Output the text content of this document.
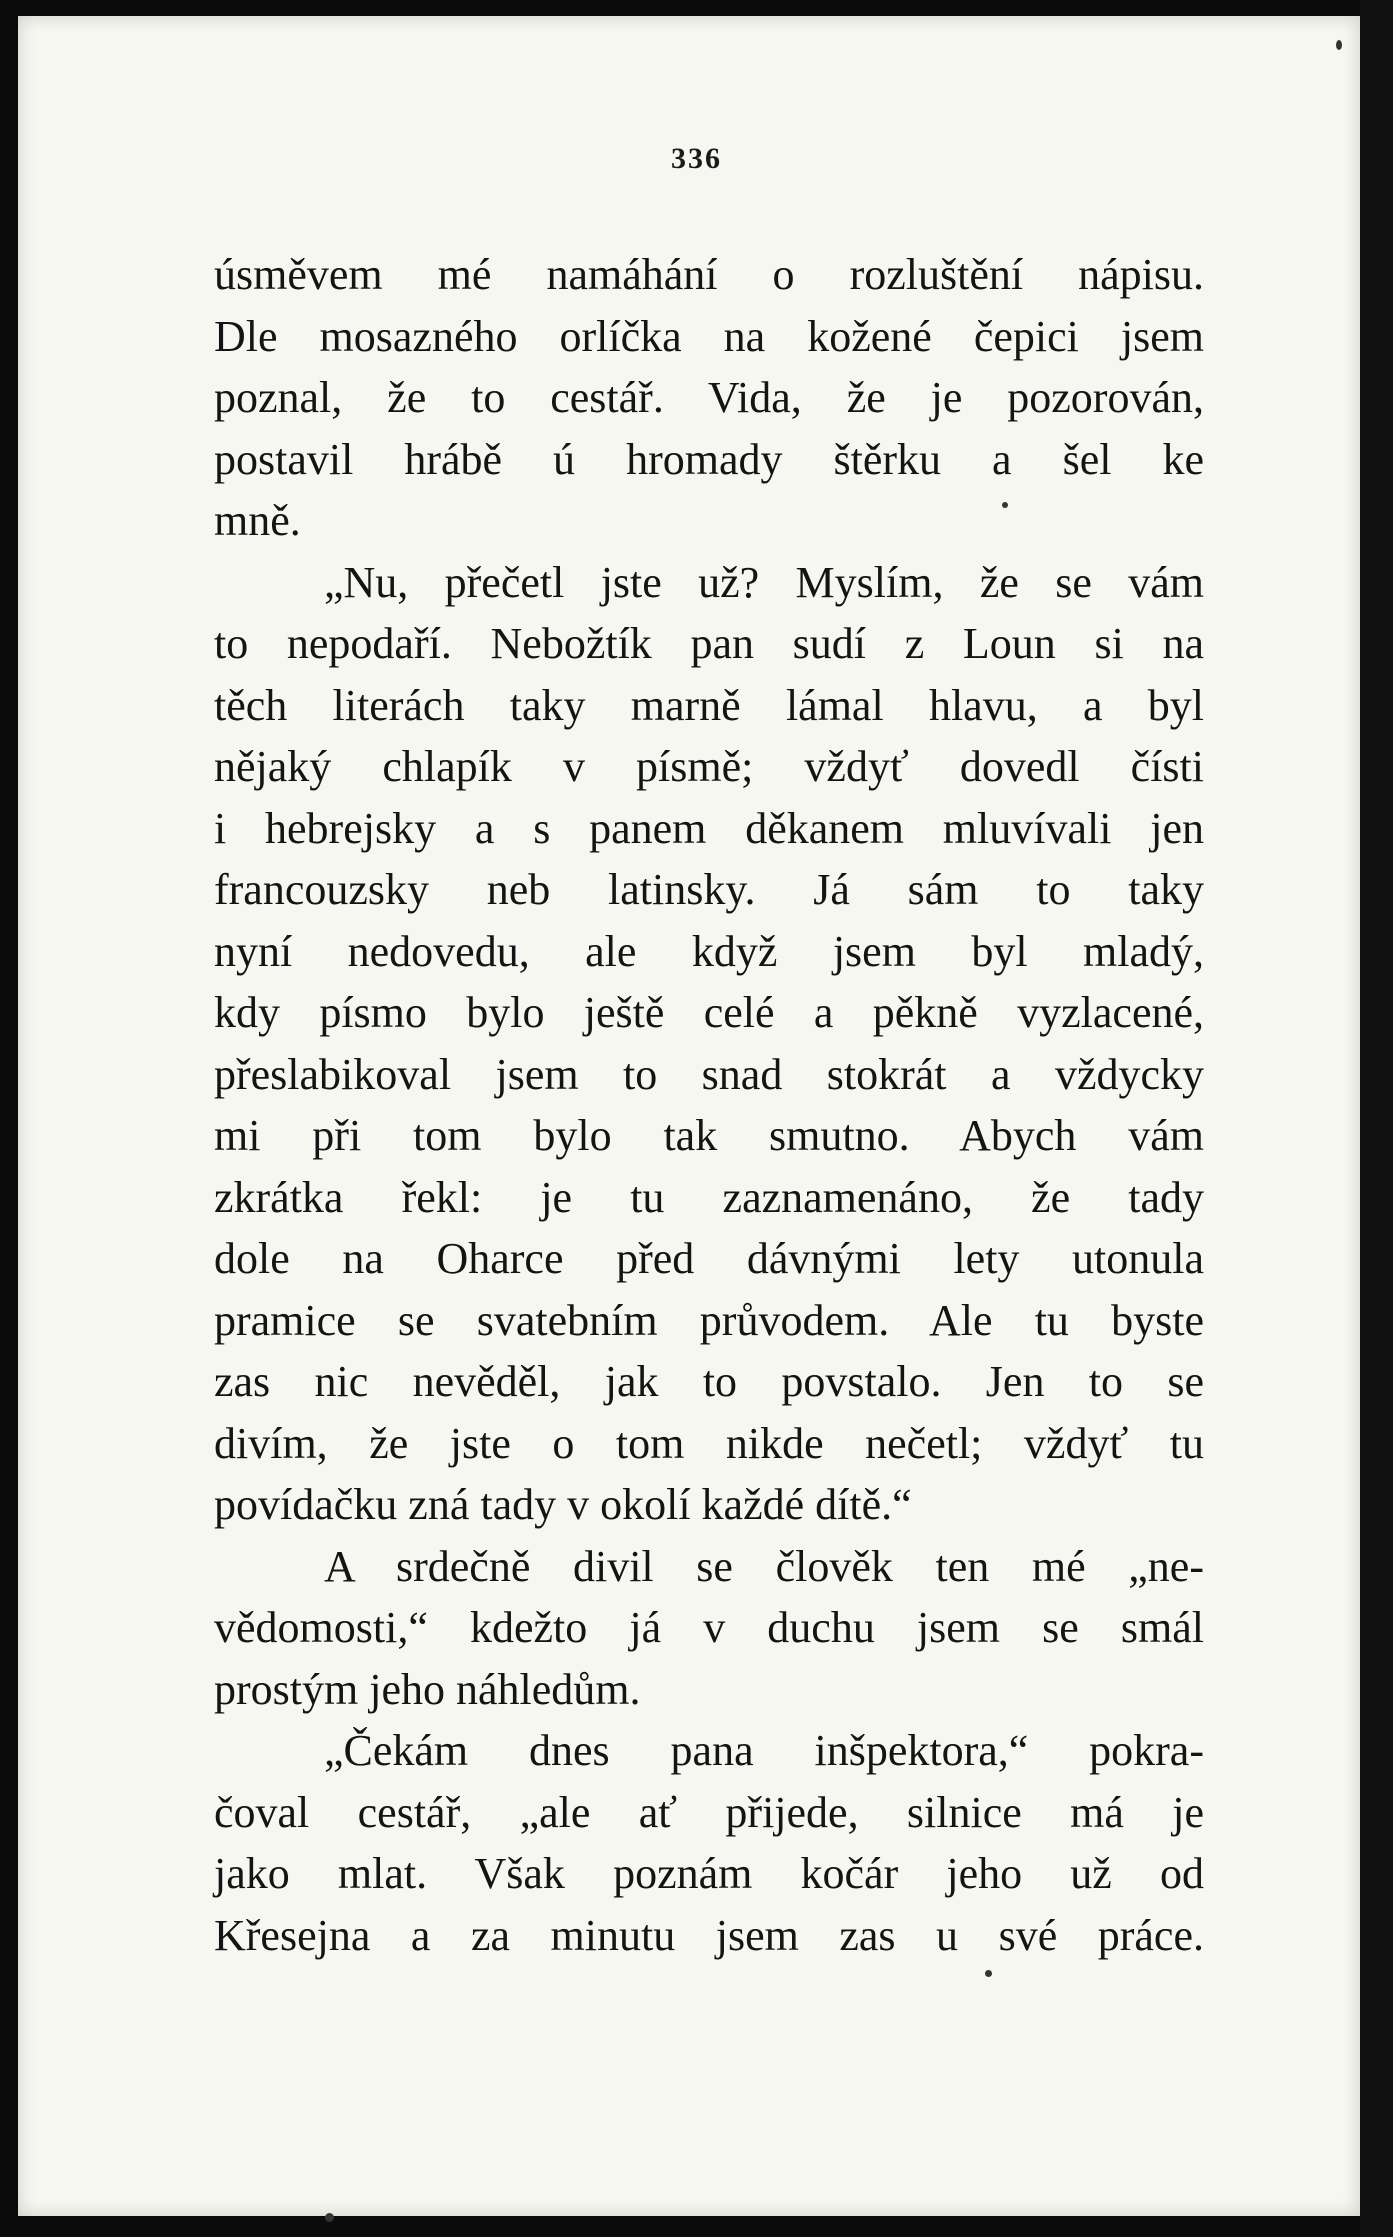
336
úsměvem mé namáhání o rozluštění nápisu.
Dle mosazného orlíčka na kožené čepici jsem
poznal, že to cestář. Vida, že je pozorován,
postavil hrábě ú hromady štěrku a šel ke
mně.
„Nu, přečetl jste už? Myslím, že se vám
to nepodaří. Nebožtík pan sudí z Loun si na
těch literách taky marně lámal hlavu, a byl
nějaký chlapík v písmě; vždyť dovedl čísti
i hebrejsky a s panem děkanem mluvívali jen
francouzsky neb latinsky. Já sám to taky
nyní nedovedu, ale když jsem byl mladý,
kdy písmo bylo ještě celé a pěkně vyzlacené,
přeslabikoval jsem to snad stokrát a vždycky
mi při tom bylo tak smutno. Abych vám
zkrátka řekl: je tu zaznamenáno, že tady
dole na Oharce před dávnými lety utonula
pramice se svatebním průvodem. Ale tu byste
zas nic nevěděl, jak to povstalo. Jen to se
divím, že jste o tom nikde nečetl; vždyť tu
povídačku zná tady v okolí každé dítě.“
A srdečně divil se člověk ten mé „ne-
vědomosti,“ kdežto já v duchu jsem se smál
prostým jeho náhledům.
„Čekám dnes pana inšpektora,“ pokra-
čoval cestář, „ale ať přijede, silnice má je
jako mlat. Však poznám kočár jeho už od
Křesejna a za minutu jsem zas u své práce.
